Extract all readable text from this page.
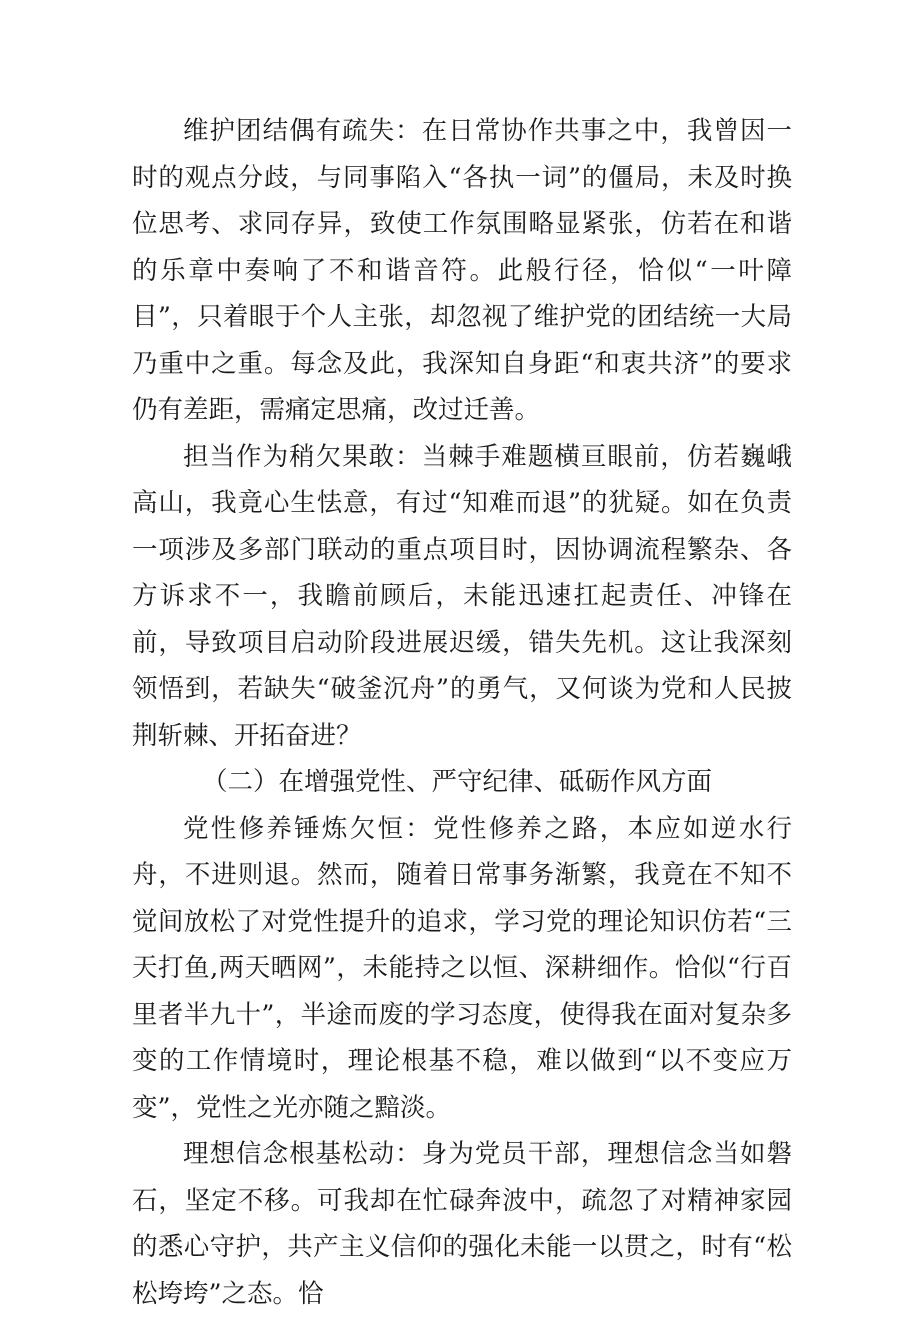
维护团结偶有疏失：在日常协作共事之中，我曾因一时的观点分歧，与同事陷入“各执一词”的僵局，未及时换位思考、求同存异，致使工作氛围略显紧张，仿若在和谐的乐章中奏响了不和谐音符。此般行径，恰似“一叶障目”，只着眼于个人主张，却忽视了维护党的团结统一大局乃重中之重。每念及此，我深知自身距“和衷共济”的要求仍有差距，需痛定思痛，改过迁善。

担当作为稍欠果敢：当棘手难题横亘眼前，仿若巍峨高山，我竟心生怯意，有过“知难而退”的犹疑。如在负责一项涉及多部门联动的重点项目时，因协调流程繁杂、各方诉求不一，我瞻前顾后，未能迅速扛起责任、冲锋在前，导致项目启动阶段进展迟缓，错失先机。这让我深刻领悟到，若缺失“破釜沉舟”的勇气，又何谈为党和人民披荆斩棘、开拓奋进？

（二）在增强党性、严守纪律、砥砺作风方面

党性修养锤炼欠恒：党性修养之路，本应如逆水行舟，不进则退。然而，随着日常事务渐繁，我竟在不知不觉间放松了对党性提升的追求，学习党的理论知识仿若“三天打鱼,两天晒网”，未能持之以恒、深耕细作。恰似“行百里者半九十”，半途而废的学习态度，使得我在面对复杂多变的工作情境时，理论根基不稳，难以做到“以不变应万变”，党性之光亦随之黯淡。

理想信念根基松动：身为党员干部，理想信念当如磐石，坚定不移。可我却在忙碌奔波中，疏忽了对精神家园的悉心守护，共产主义信仰的强化未能一以贯之，时有“松松垮垮”之态。恰
